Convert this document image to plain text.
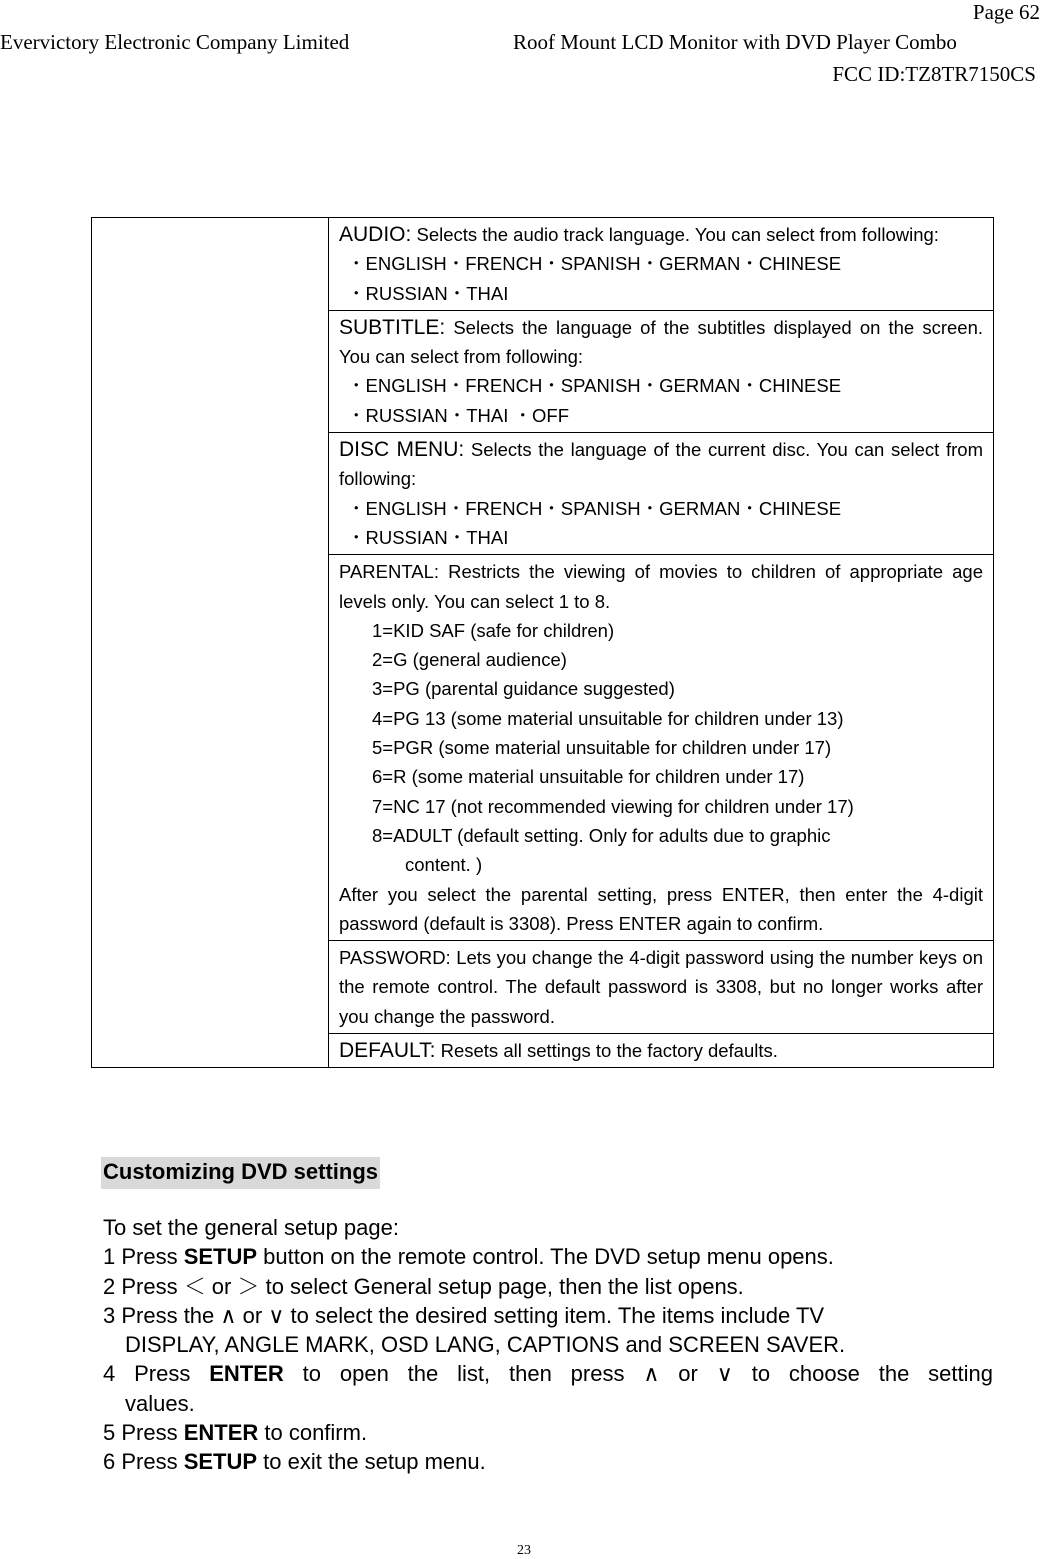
Page 62
Evervictory Electronic Company Limited	Roof Mount LCD Monitor with DVD Player Combo
FCC ID:TZ8TR7150CS

AUDIO: Selects the audio track language. You can select from following:

・ENGLISH・FRENCH・SPANISH・GERMAN・CHINESE

・RUSSIAN・THAI

SUBTITLE: Selects the language of the subtitles displayed on the screen. You can select from following:

・ENGLISH・FRENCH・SPANISH・GERMAN・CHINESE

・RUSSIAN・THAI ・OFF

DISC MENU: Selects the language of the current disc. You can select from following:

・ENGLISH・FRENCH・SPANISH・GERMAN・CHINESE

・RUSSIAN・THAI

PARENTAL: Restricts the viewing of movies to children of appropriate age levels only. You can select 1 to 8.

1=KID SAF (safe for children)

2=G (general audience)

3=PG (parental guidance suggested)

4=PG 13 (some material unsuitable for children under 13)

5=PGR (some material unsuitable for children under 17)

6=R (some material unsuitable for children under 17)

7=NC 17 (not recommended viewing for children under 17)

8=ADULT (default setting. Only for adults due to graphic

content. )

After you select the parental setting, press ENTER, then enter the 4-digit password (default is 3308). Press ENTER again to confirm.

PASSWORD: Lets you change the 4-digit password using the number keys on the remote control. The default password is 3308, but no longer works after you change the password.

DEFAULT: Resets all settings to the factory defaults.

Customizing DVD settings

To set the general setup page:

1 Press SETUP button on the remote control. The DVD setup menu opens.

2 Press ＜ or ＞ to select General setup page, then the list opens.

3 Press the ∧ or ∨ to select the desired setting item. The items include TV

DISPLAY, ANGLE MARK, OSD LANG, CAPTIONS and SCREEN SAVER.

4 Press ENTER to open the list, then press ∧ or ∨ to choose the setting

values.

5 Press ENTER to confirm.

6 Press SETUP to exit the setup menu.

23
